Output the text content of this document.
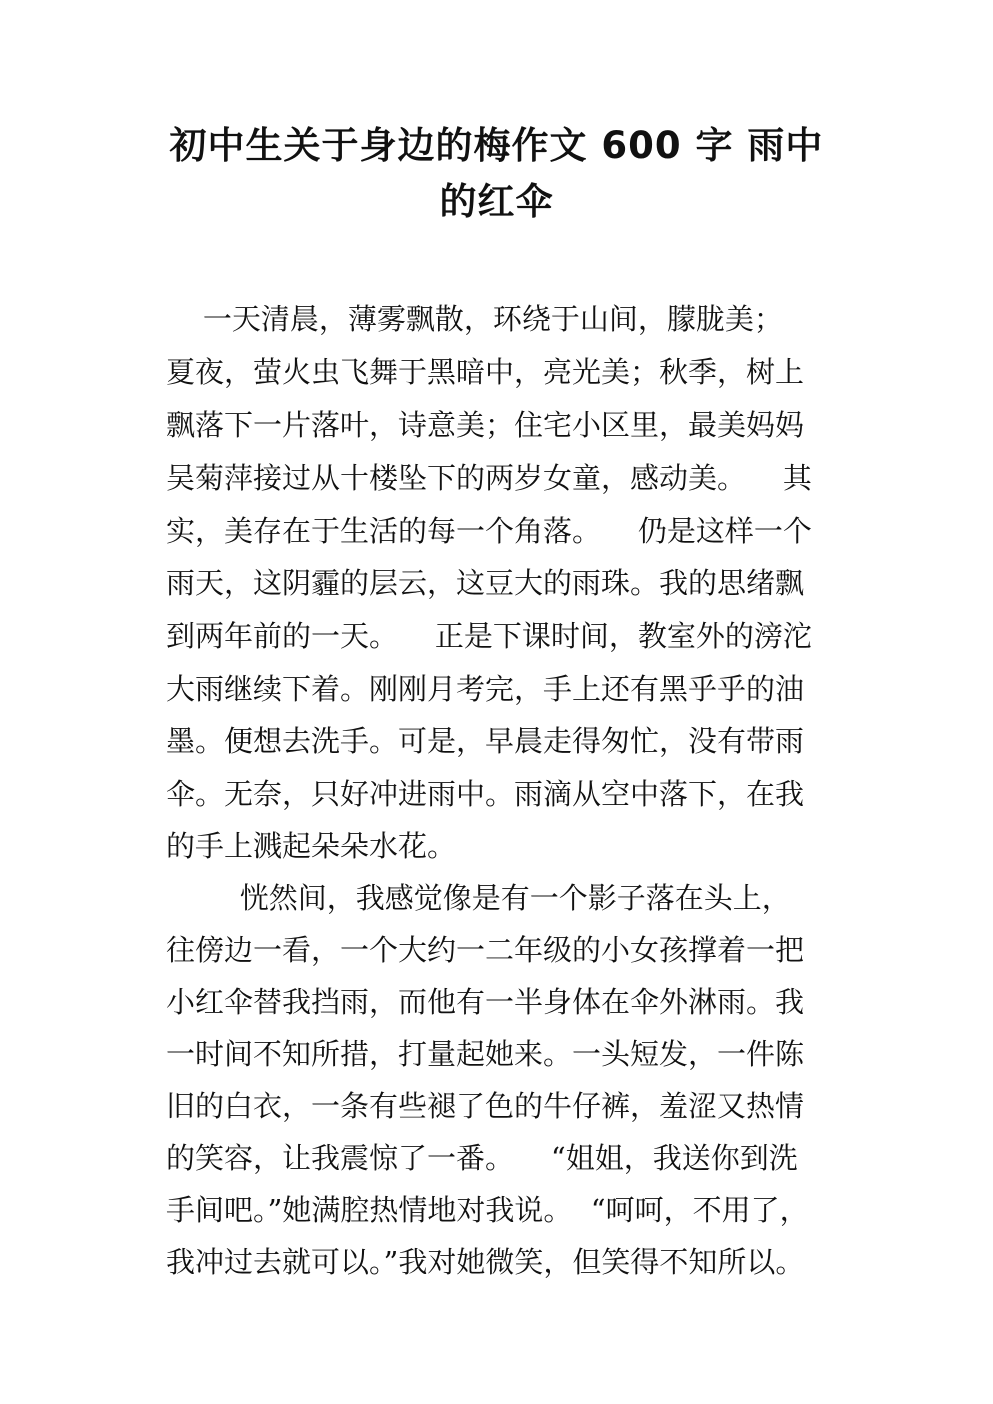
初中生关于身边的梅作文 600 字 雨中
的红伞
一天清晨，薄雾飘散，环绕于山间，朦胧美；
夏夜，萤火虫飞舞于黑暗中，亮光美；秋季，树上
飘落下一片落叶，诗意美；住宅小区里，最美妈妈
吴菊萍接过从十楼坠下的两岁女童，感动美。    其
实，美存在于生活的每一个角落。    仍是这样一个
雨天，这阴霾的层云，这豆大的雨珠。我的思绪飘
到两年前的一天。    正是下课时间，教室外的滂沱
大雨继续下着。刚刚月考完，手上还有黑乎乎的油
墨。便想去洗手。可是，早晨走得匆忙，没有带雨
伞。无奈，只好冲进雨中。雨滴从空中落下，在我
的手上溅起朵朵水花。
恍然间，我感觉像是有一个影子落在头上，
往傍边一看，一个大约一二年级的小女孩撑着一把
小红伞替我挡雨，而他有一半身体在伞外淋雨。我
一时间不知所措，打量起她来。一头短发，一件陈
旧的白衣，一条有些褪了色的牛仔裤，羞涩又热情
的笑容，让我震惊了一番。    “姐姐，我送你到洗
手间吧。”她满腔热情地对我说。  “呵呵，不用了，
我冲过去就可以。”我对她微笑，但笑得不知所以。
